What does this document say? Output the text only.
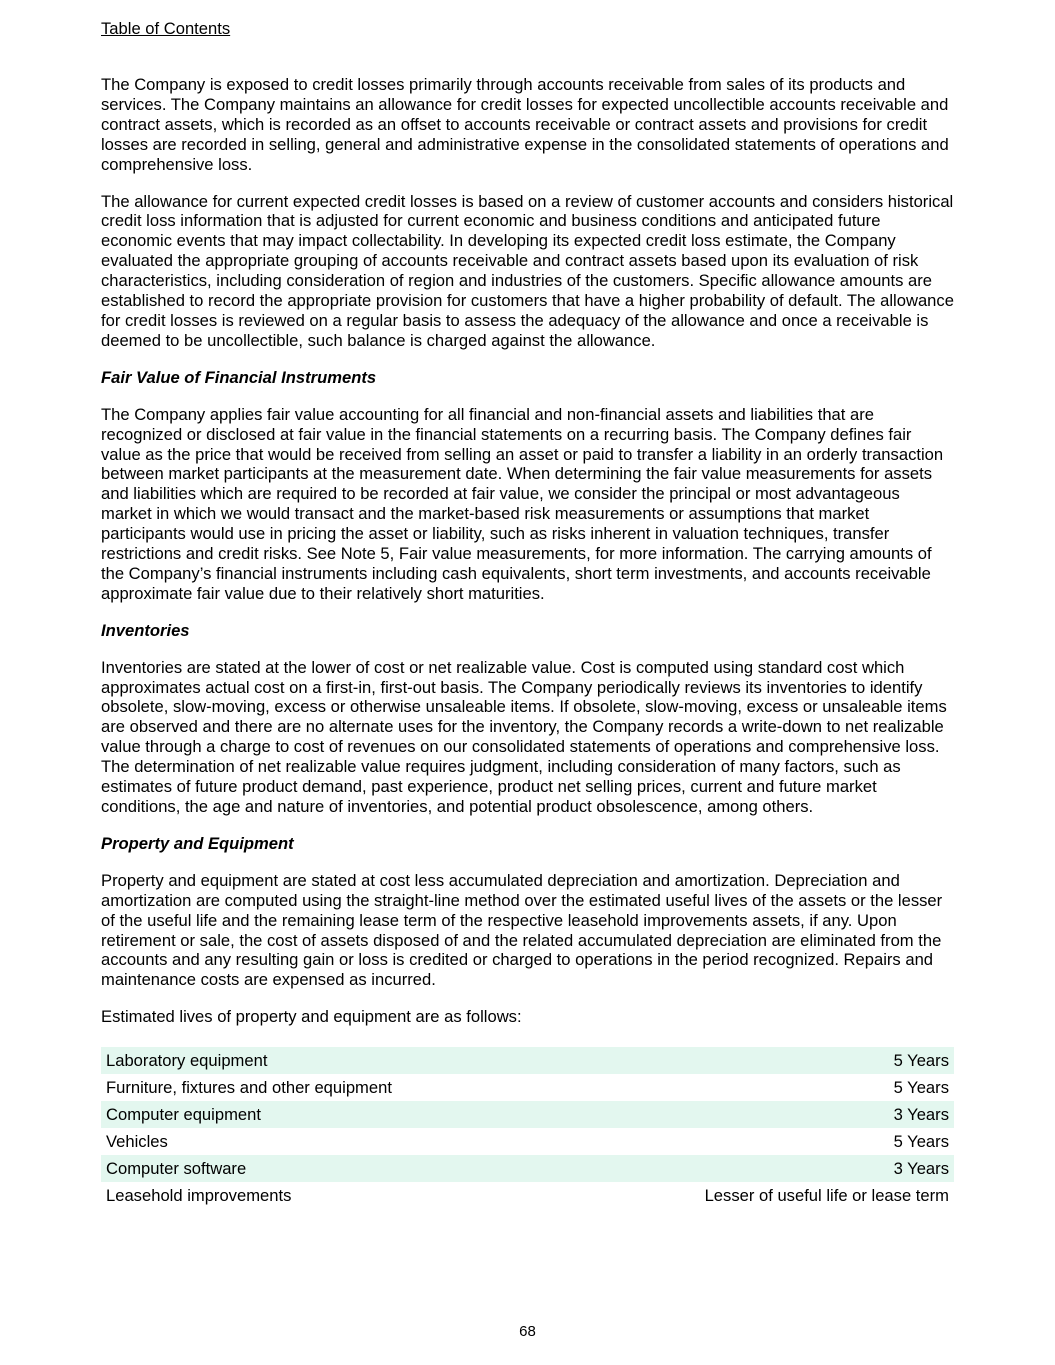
Table of Contents

The Company is exposed to credit losses primarily through accounts receivable from sales of its products and services. The Company maintains an allowance for credit losses for expected uncollectible accounts receivable and contract assets, which is recorded as an offset to accounts receivable or contract assets and provisions for credit losses are recorded in selling, general and administrative expense in the consolidated statements of operations and comprehensive loss.

The allowance for current expected credit losses is based on a review of customer accounts and considers historical credit loss information that is adjusted for current economic and business conditions and anticipated future economic events that may impact collectability. In developing its expected credit loss estimate, the Company evaluated the appropriate grouping of accounts receivable and contract assets based upon its evaluation of risk characteristics, including consideration of region and industries of the customers. Specific allowance amounts are established to record the appropriate provision for customers that have a higher probability of default. The allowance for credit losses is reviewed on a regular basis to assess the adequacy of the allowance and once a receivable is deemed to be uncollectible, such balance is charged against the allowance.

Fair Value of Financial Instruments

The Company applies fair value accounting for all financial and non-financial assets and liabilities that are recognized or disclosed at fair value in the financial statements on a recurring basis. The Company defines fair value as the price that would be received from selling an asset or paid to transfer a liability in an orderly transaction between market participants at the measurement date. When determining the fair value measurements for assets and liabilities which are required to be recorded at fair value, we consider the principal or most advantageous market in which we would transact and the market-based risk measurements or assumptions that market participants would use in pricing the asset or liability, such as risks inherent in valuation techniques, transfer restrictions and credit risks. See Note 5, Fair value measurements, for more information. The carrying amounts of the Company’s financial instruments including cash equivalents, short term investments, and accounts receivable approximate fair value due to their relatively short maturities.

Inventories

Inventories are stated at the lower of cost or net realizable value. Cost is computed using standard cost which approximates actual cost on a first-in, first-out basis. The Company periodically reviews its inventories to identify obsolete, slow-moving, excess or otherwise unsaleable items. If obsolete, slow-moving, excess or unsaleable items are observed and there are no alternate uses for the inventory, the Company records a write-down to net realizable value through a charge to cost of revenues on our consolidated statements of operations and comprehensive loss. The determination of net realizable value requires judgment, including consideration of many factors, such as estimates of future product demand, past experience, product net selling prices, current and future market conditions, the age and nature of inventories, and potential product obsolescence, among others.

Property and Equipment

Property and equipment are stated at cost less accumulated depreciation and amortization. Depreciation and amortization are computed using the straight-line method over the estimated useful lives of the assets or the lesser of the useful life and the remaining lease term of the respective leasehold improvements assets, if any. Upon retirement or sale, the cost of assets disposed of and the related accumulated depreciation are eliminated from the accounts and any resulting gain or loss is credited or charged to operations in the period recognized. Repairs and maintenance costs are expensed as incurred.

Estimated lives of property and equipment are as follows:

Laboratory equipment	5 Years
Furniture, fixtures and other equipment	5 Years
Computer equipment	3 Years
Vehicles	5 Years
Computer software	3 Years
Leasehold improvements	Lesser of useful life or lease term
68
